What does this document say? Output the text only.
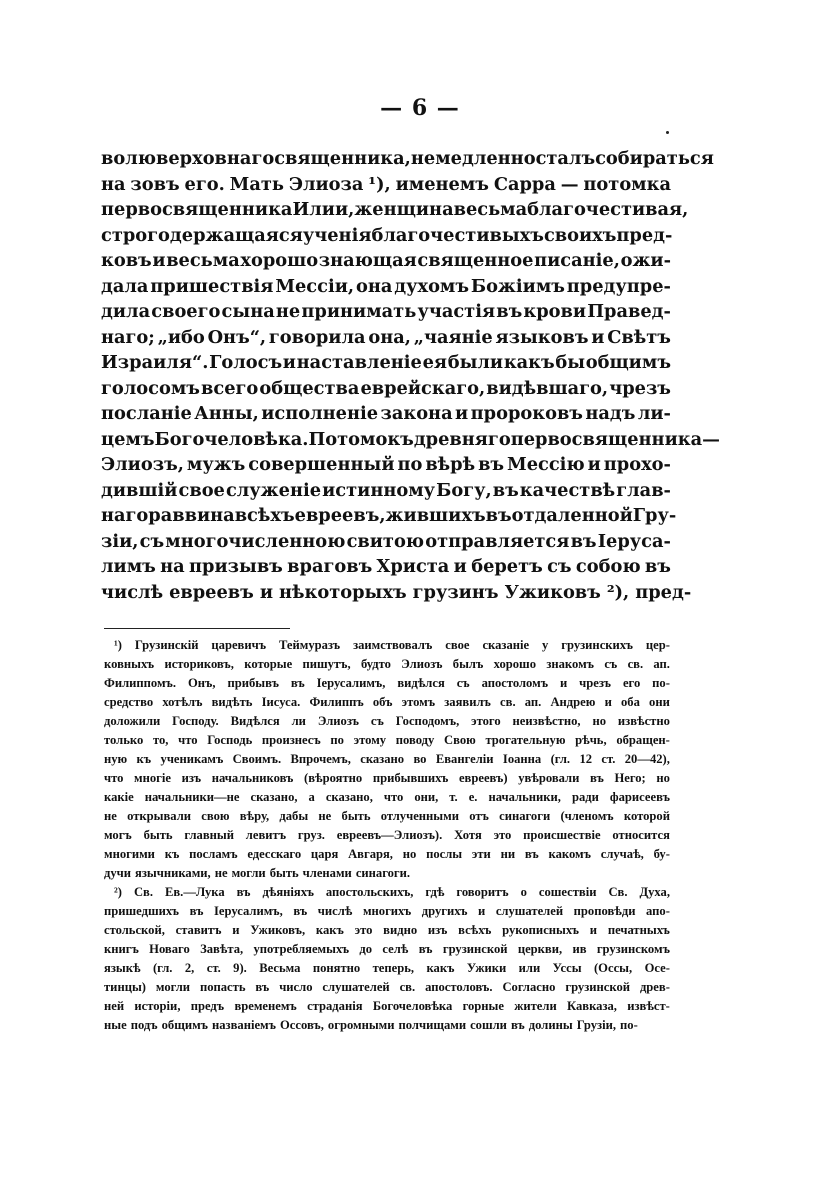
— 6 —
волю верховнаго священника, немедленно сталъ собираться
на зовъ его. Мать Элиоза ¹), именемъ Сарра — потомка
первосвященника Илии, женщина весьма благочестивая,
строго держащаяся ученія благочестивыхъ своихъ пред-
ковъ и весьма хорошо знающая священное писаніе, ожи-
дала пришествія Мессіи, она духомъ Божіимъ предупре-
дила своего сына не принимать участія въ крови Правед-
наго; „ибо Онъ“, говорила она, „чаяніе языковъ и Свѣтъ
Израиля“. Голосъ и наставленіе ея были какъ бы общимъ
голосомъ всего общества еврейскаго, видѣвшаго, чрезъ
посланіе Анны, исполненіе закона и пророковъ надъ ли-
цемъ Богочеловѣка. Потомокъ древняго первосвященника —
Элиозъ, мужъ совершенный по вѣрѣ въ Мессію и прохо-
дившій свое служеніе истинному Богу, въ качествѣ глав-
наго раввина всѣхъ евреевъ, жившихъ въ отдаленной Гру-
зіи, съ многочисленною свитою отправляется въ Іерусa-
лимъ на призывъ враговъ Христа и беретъ съ собою въ
числѣ евреевъ и нѣкоторыхъ грузинъ Ужиковъ ²), пред-
¹) Грузинскій царевичъ Теймуразъ заимствовалъ свое сказаніе у грузинскихъ цер-
ковныхъ историковъ, которые пишутъ, будто Элиозъ былъ хорошо знакомъ съ св. ап.
Филиппомъ. Онъ, прибывъ въ Іерусалимъ, видѣлся съ апостоломъ и чрезъ его по-
средство хотѣлъ видѣть Іисуса. Филиппъ объ этомъ заявилъ св. ап. Андрею и оба они
доложили Господу. Видѣлся ли Элиозъ съ Господомъ, этого неизвѣстно, но извѣстно
только то, что Господь произнесъ по этому поводу Свою трогательную рѣчь, обращен-
ную къ ученикамъ Своимъ. Впрочемъ, сказано во Евангеліи Іоанна (гл. 12 ст. 20—42),
что многіе изъ начальниковъ (вѣроятно прибывшихъ евреевъ) увѣровали въ Него; но
какіе начальники—не сказано, а сказано, что они, т. е. начальники, ради фарисеевъ
не открывали свою вѣру, дабы не быть отлученными отъ синагоги (членомъ которой
могъ быть главный левитъ груз. евреевъ—Элиозъ). Хотя это происшествіе относится
многими къ посламъ едесскаго царя Авгаря, но послы эти ни въ какомъ случаѣ, бу-
дучи язычниками, не могли быть членами синагоги.
²) Св. Ев.—Лука въ дѣяніяхъ апостольскихъ, гдѣ говоритъ о сошествіи Св. Духа,
пришедшихъ въ Іерусалимъ, въ числѣ многихъ другихъ и слушателей проповѣди апо-
стольской, ставитъ и Ужиковъ, какъ это видно изъ всѣхъ рукописныхъ и печатныхъ
книгъ Новаго Завѣта, употребляемыхъ до селѣ въ грузинской церкви, ив грузинскомъ
языкѣ (гл. 2, ст. 9). Весьма понятно теперь, какъ Ужики или Уссы (Оссы, Осе-
тинцы) могли попасть въ число слушателей св. апостоловъ. Согласно грузинской древ-
ней исторіи, предъ временемъ страданія Богочеловѣка горные жители Кавказа, извѣст-
ные подъ общимъ названіемъ Оссовъ, огромными полчищами сошли въ долины Грузіи, по-
